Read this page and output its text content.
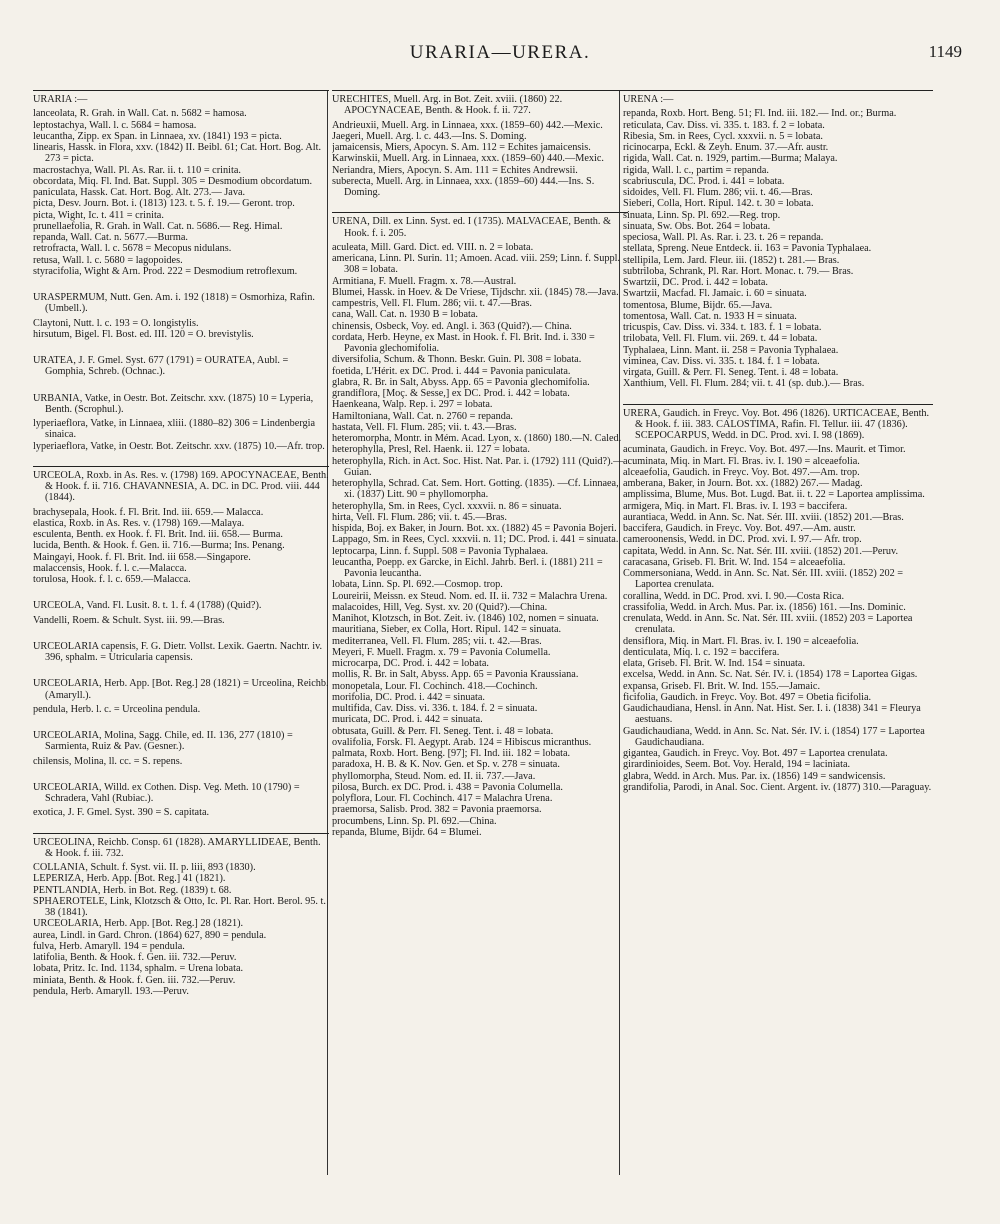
URARIA—URERA.	1149

URARIA :—

lanceolata, R. Grah. in Wall. Cat. n. 5682 = hamosa.

leptostachya, Wall. l. c. 5684 = hamosa.

leucantha, Zipp. ex Span. in Linnaea, xv. (1841) 193 = picta.

linearis, Hassk. in Flora, xxv. (1842) II. Beibl. 61; Cat. Hort. Bog. Alt. 273 = picta.

macrostachya, Wall. Pl. As. Rar. ii. t. 110 = crinita.

obcordata, Miq. Fl. Ind. Bat. Suppl. 305 = Desmodium obcordatum.

paniculata, Hassk. Cat. Hort. Bog. Alt. 273.— Java.

picta, Desv. Journ. Bot. i. (1813) 123. t. 5. f. 19.— Geront. trop.

picta, Wight, Ic. t. 411 = crinita.

prunellaefolia, R. Grah. in Wall. Cat. n. 5686.— Reg. Himal.

repanda, Wall. Cat. n. 5677.—Burma.

retrofracta, Wall. l. c. 5678 = Mecopus nidulans.

retusa, Wall. l. c. 5680 = lagopoides.

styracifolia, Wight & Arn. Prod. 222 = Desmodium retroflexum.

URASPERMUM, Nutt. Gen. Am. i. 192 (1818) = Osmorhiza, Rafin. (Umbell.).

Claytoni, Nutt. l. c. 193 = O. longistylis.

hirsutum, Bigel. Fl. Bost. ed. III. 120 = O. brevistylis.

URATEA, J. F. Gmel. Syst. 677 (1791) = OURATEA, Aubl. = Gomphia, Schreb. (Ochnac.).

URBANIA, Vatke, in Oestr. Bot. Zeitschr. xxv. (1875) 10 = Lyperia, Benth. (Scrophul.).

lyperiaeflora, Vatke, in Linnaea, xliii. (1880–82) 306 = Lindenbergia sinaica.

lyperiaeflora, Vatke, in Oestr. Bot. Zeitschr. xxv. (1875) 10.—Afr. trop.

URCEOLA, Roxb. in As. Res. v. (1798) 169. APOCYNACEAE, Benth. & Hook. f. ii. 716. CHAVANNESIA, A. DC. in DC. Prod. viii. 444 (1844).

brachysepala, Hook. f. Fl. Brit. Ind. iii. 659.— Malacca.

elastica, Roxb. in As. Res. v. (1798) 169.—Malaya.

esculenta, Benth. ex Hook. f. Fl. Brit. Ind. iii. 658.— Burma.

lucida, Benth. & Hook. f. Gen. ii. 716.—Burma; Ins. Penang.

Maingayi, Hook. f. Fl. Brit. Ind. iii 658.—Singapore.

malaccensis, Hook. f. l. c.—Malacca.

torulosa, Hook. f. l. c. 659.—Malacca.

URCEOLA, Vand. Fl. Lusit. 8. t. 1. f. 4 (1788) (Quid?).

Vandelli, Roem. & Schult. Syst. iii. 99.—Bras.

URCEOLARIA capensis, F. G. Dietr. Vollst. Lexik. Gaertn. Nachtr. iv. 396, sphalm. = Utricularia capensis.

URCEOLARIA, Herb. App. [Bot. Reg.] 28 (1821) = Urceolina, Reichb. (Amaryll.).

pendula, Herb. l. c. = Urceolina pendula.

URCEOLARIA, Molina, Sagg. Chile, ed. II. 136, 277 (1810) = Sarmienta, Ruiz & Pav. (Gesner.).

chilensis, Molina, ll. cc. = S. repens.

URCEOLARIA, Willd. ex Cothen. Disp. Veg. Meth. 10 (1790) = Schradera, Vahl (Rubiac.).

exotica, J. F. Gmel. Syst. 390 = S. capitata.

URCEOLINA, Reichb. Consp. 61 (1828). AMARYLLIDEAE, Benth. & Hook. f. iii. 732.

COLLANIA, Schult. f. Syst. vii. II. p. liii, 893 (1830).

LEPERIZA, Herb. App. [Bot. Reg.] 41 (1821).

PENTLANDIA, Herb. in Bot. Reg. (1839) t. 68.

SPHAEROTELE, Link, Klotzsch & Otto, Ic. Pl. Rar. Hort. Berol. 95. t. 38 (1841).

URCEOLARIA, Herb. App. [Bot. Reg.] 28 (1821).

aurea, Lindl. in Gard. Chron. (1864) 627, 890 = pendula.

fulva, Herb. Amaryll. 194 = pendula.

latifolia, Benth. & Hook. f. Gen. iii. 732.—Peruv.

lobata, Pritz. Ic. Ind. 1134, sphalm. = Urena lobata.

miniata, Benth. & Hook. f. Gen. iii. 732.—Peruv.

pendula, Herb. Amaryll. 193.—Peruv.

URECHITES, Muell. Arg. in Bot. Zeit. xviii. (1860) 22. APOCYNACEAE, Benth. & Hook. f. ii. 727.

Andrieuxii, Muell. Arg. in Linnaea, xxx. (1859–60) 442.—Mexic.

Jaegeri, Muell. Arg. l. c. 443.—Ins. S. Doming.

jamaicensis, Miers, Apocyn. S. Am. 112 = Echites jamaicensis.

Karwinskii, Muell. Arg. in Linnaea, xxx. (1859–60) 440.—Mexic.

Neriandra, Miers, Apocyn. S. Am. 111 = Echites Andrewsii.

suberecta, Muell. Arg. in Linnaea, xxx. (1859–60) 444.—Ins. S. Doming.

URENA, Dill. ex Linn. Syst. ed. I (1735). MALVACEAE, Benth. & Hook. f. i. 205.

aculeata, Mill. Gard. Dict. ed. VIII. n. 2 = lobata.

americana, Linn. Pl. Surin. 11; Amoen. Acad. viii. 259; Linn. f. Suppl. 308 = lobata.

Armitiana, F. Muell. Fragm. x. 78.—Austral.

Blumei, Hassk. in Hoev. & De Vriese, Tijdschr. xii. (1845) 78.—Java.

campestris, Vell. Fl. Flum. 286; vii. t. 47.—Bras.

cana, Wall. Cat. n. 1930 B = lobata.

chinensis, Osbeck, Voy. ed. Angl. i. 363 (Quid?).— China.

cordata, Herb. Heyne, ex Mast. in Hook. f. Fl. Brit. Ind. i. 330 = Pavonia glechomifolia.

diversifolia, Schum. & Thonn. Beskr. Guin. Pl. 308 = lobata.

foetida, L'Hérit. ex DC. Prod. i. 444 = Pavonia paniculata.

glabra, R. Br. in Salt, Abyss. App. 65 = Pavonia glechomifolia.

grandiflora, [Moç. & Sesse,] ex DC. Prod. i. 442 = lobata.

Haenkeana, Walp. Rep. i. 297 = lobata.

Hamiltoniana, Wall. Cat. n. 2760 = repanda.

hastata, Vell. Fl. Flum. 285; vii. t. 43.—Bras.

heteromorpha, Montr. in Mém. Acad. Lyon, x. (1860) 180.—N. Caled.

heterophylla, Presl, Rel. Haenk. ii. 127 = lobata.

heterophylla, Rich. in Act. Soc. Hist. Nat. Par. i. (1792) 111 (Quid?).—Guian.

heterophylla, Schrad. Cat. Sem. Hort. Gotting. (1835). —Cf. Linnaea, xi. (1837) Litt. 90 = phyllomorpha.

heterophylla, Sm. in Rees, Cycl. xxxvii. n. 86 = sinuata.

hirta, Vell. Fl. Flum. 286; vii. t. 45.—Bras.

hispida, Boj. ex Baker, in Journ. Bot. xx. (1882) 45 = Pavonia Bojeri.

Lappago, Sm. in Rees, Cycl. xxxvii. n. 11; DC. Prod. i. 441 = sinuata.

leptocarpa, Linn. f. Suppl. 508 = Pavonia Typhalaea.

leucantha, Poepp. ex Garcke, in Eichl. Jahrb. Berl. i. (1881) 211 = Pavonia leucantha.

lobata, Linn. Sp. Pl. 692.—Cosmop. trop.

Loureirii, Meissn. ex Steud. Nom. ed. II. ii. 732 = Malachra Urena.

malacoides, Hill, Veg. Syst. xv. 20 (Quid?).—China.

Manihot, Klotzsch, in Bot. Zeit. iv. (1846) 102, nomen = sinuata.

mauritiana, Sieber, ex Colla, Hort. Ripul. 142 = sinuata.

mediterranea, Vell. Fl. Flum. 285; vii. t. 42.—Bras.

Meyeri, F. Muell. Fragm. x. 79 = Pavonia Columella.

microcarpa, DC. Prod. i. 442 = lobata.

mollis, R. Br. in Salt, Abyss. App. 65 = Pavonia Kraussiana.

monopetala, Lour. Fl. Cochinch. 418.—Cochinch.

morifolia, DC. Prod. i. 442 = sinuata.

multifida, Cav. Diss. vi. 336. t. 184. f. 2 = sinuata.

muricata, DC. Prod. i. 442 = sinuata.

obtusata, Guill. & Perr. Fl. Seneg. Tent. i. 48 = lobata.

ovalifolia, Forsk. Fl. Aegypt. Arab. 124 = Hibiscus micranthus.

palmata, Roxb. Hort. Beng. [97]; Fl. Ind. iii. 182 = lobata.

paradoxa, H. B. & K. Nov. Gen. et Sp. v. 278 = sinuata.

phyllomorpha, Steud. Nom. ed. II. ii. 737.—Java.

pilosa, Burch. ex DC. Prod. i. 438 = Pavonia Columella.

polyflora, Lour. Fl. Cochinch. 417 = Malachra Urena.

praemorsa, Salisb. Prod. 382 = Pavonia praemorsa.

procumbens, Linn. Sp. Pl. 692.—China.

repanda, Blume, Bijdr. 64 = Blumei.

URENA :—

repanda, Roxb. Hort. Beng. 51; Fl. Ind. iii. 182.— Ind. or.; Burma.

reticulata, Cav. Diss. vi. 335. t. 183. f. 2 = lobata.

Ribesia, Sm. in Rees, Cycl. xxxvii. n. 5 = lobata.

ricinocarpa, Eckl. & Zeyh. Enum. 37.—Afr. austr.

rigida, Wall. Cat. n. 1929, partim.—Burma; Malaya.

rigida, Wall. l. c., partim = repanda.

scabriuscula, DC. Prod. i. 441 = lobata.

sidoides, Vell. Fl. Flum. 286; vii. t. 46.—Bras.

Sieberi, Colla, Hort. Ripul. 142. t. 30 = lobata.

sinuata, Linn. Sp. Pl. 692.—Reg. trop.

sinuata, Sw. Obs. Bot. 264 = lobata.

speciosa, Wall. Pl. As. Rar. i. 23. t. 26 = repanda.

stellata, Spreng. Neue Entdeck. ii. 163 = Pavonia Typhalaea.

stellipila, Lem. Jard. Fleur. iii. (1852) t. 281.— Bras.

subtriloba, Schrank, Pl. Rar. Hort. Monac. t. 79.— Bras.

Swartzii, DC. Prod. i. 442 = lobata.

Swartzii, Macfad. Fl. Jamaic. i. 60 = sinuata.

tomentosa, Blume, Bijdr. 65.—Java.

tomentosa, Wall. Cat. n. 1933 H = sinuata.

tricuspis, Cav. Diss. vi. 334. t. 183. f. 1 = lobata.

trilobata, Vell. Fl. Flum. vii. 269. t. 44 = lobata.

Typhalaea, Linn. Mant. ii. 258 = Pavonia Typhalaea.

viminea, Cav. Diss. vi. 335. t. 184. f. 1 = lobata.

virgata, Guill. & Perr. Fl. Seneg. Tent. i. 48 = lobata.

Xanthium, Vell. Fl. Flum. 284; vii. t. 41 (sp. dub.).— Bras.

URERA, Gaudich. in Freyc. Voy. Bot. 496 (1826). URTICACEAE, Benth. & Hook. f. iii. 383. CALOSTIMA, Rafin. Fl. Tellur. iii. 47 (1836). SCEPOCARPUS, Wedd. in DC. Prod. xvi. I. 98 (1869).

acuminata, Gaudich. in Freyc. Voy. Bot. 497.—Ins. Maurit. et Timor.

acuminata, Miq. in Mart. Fl. Bras. iv. I. 190 = alceaefolia.

alceaefolia, Gaudich. in Freyc. Voy. Bot. 497.—Am. trop.

amberana, Baker, in Journ. Bot. xx. (1882) 267.— Madag.

amplissima, Blume, Mus. Bot. Lugd. Bat. ii. t. 22 = Laportea amplissima.

armigera, Miq. in Mart. Fl. Bras. iv. I. 193 = baccifera.

aurantiaca, Wedd. in Ann. Sc. Nat. Sér. III. xviii. (1852) 201.—Bras.

baccifera, Gaudich. in Freyc. Voy. Bot. 497.—Am. austr.

cameroonensis, Wedd. in DC. Prod. xvi. I. 97.— Afr. trop.

capitata, Wedd. in Ann. Sc. Nat. Sér. III. xviii. (1852) 201.—Peruv.

caracasana, Griseb. Fl. Brit. W. Ind. 154 = alceaefolia.

Commersoniana, Wedd. in Ann. Sc. Nat. Sér. III. xviii. (1852) 202 = Laportea crenulata.

corallina, Wedd. in DC. Prod. xvi. I. 90.—Costa Rica.

crassifolia, Wedd. in Arch. Mus. Par. ix. (1856) 161. —Ins. Dominic.

crenulata, Wedd. in Ann. Sc. Nat. Sér. III. xviii. (1852) 203 = Laportea crenulata.

densiflora, Miq. in Mart. Fl. Bras. iv. I. 190 = alceaefolia.

denticulata, Miq. l. c. 192 = baccifera.

elata, Griseb. Fl. Brit. W. Ind. 154 = sinuata.

excelsa, Wedd. in Ann. Sc. Nat. Sér. IV. i. (1854) 178 = Laportea Gigas.

expansa, Griseb. Fl. Brit. W. Ind. 155.—Jamaic.

ficifolia, Gaudich. in Freyc. Voy. Bot. 497 = Obetia ficifolia.

Gaudichaudiana, Hensl. in Ann. Nat. Hist. Ser. I. i. (1838) 341 = Fleurya aestuans.

Gaudichaudiana, Wedd. in Ann. Sc. Nat. Sér. IV. i. (1854) 177 = Laportea Gaudichaudiana.

gigantea, Gaudich. in Freyc. Voy. Bot. 497 = Laportea crenulata.

girardinioides, Seem. Bot. Voy. Herald, 194 = laciniata.

glabra, Wedd. in Arch. Mus. Par. ix. (1856) 149 = sandwicensis.

grandifolia, Parodi, in Anal. Soc. Cient. Argent. iv. (1877) 310.—Paraguay.
